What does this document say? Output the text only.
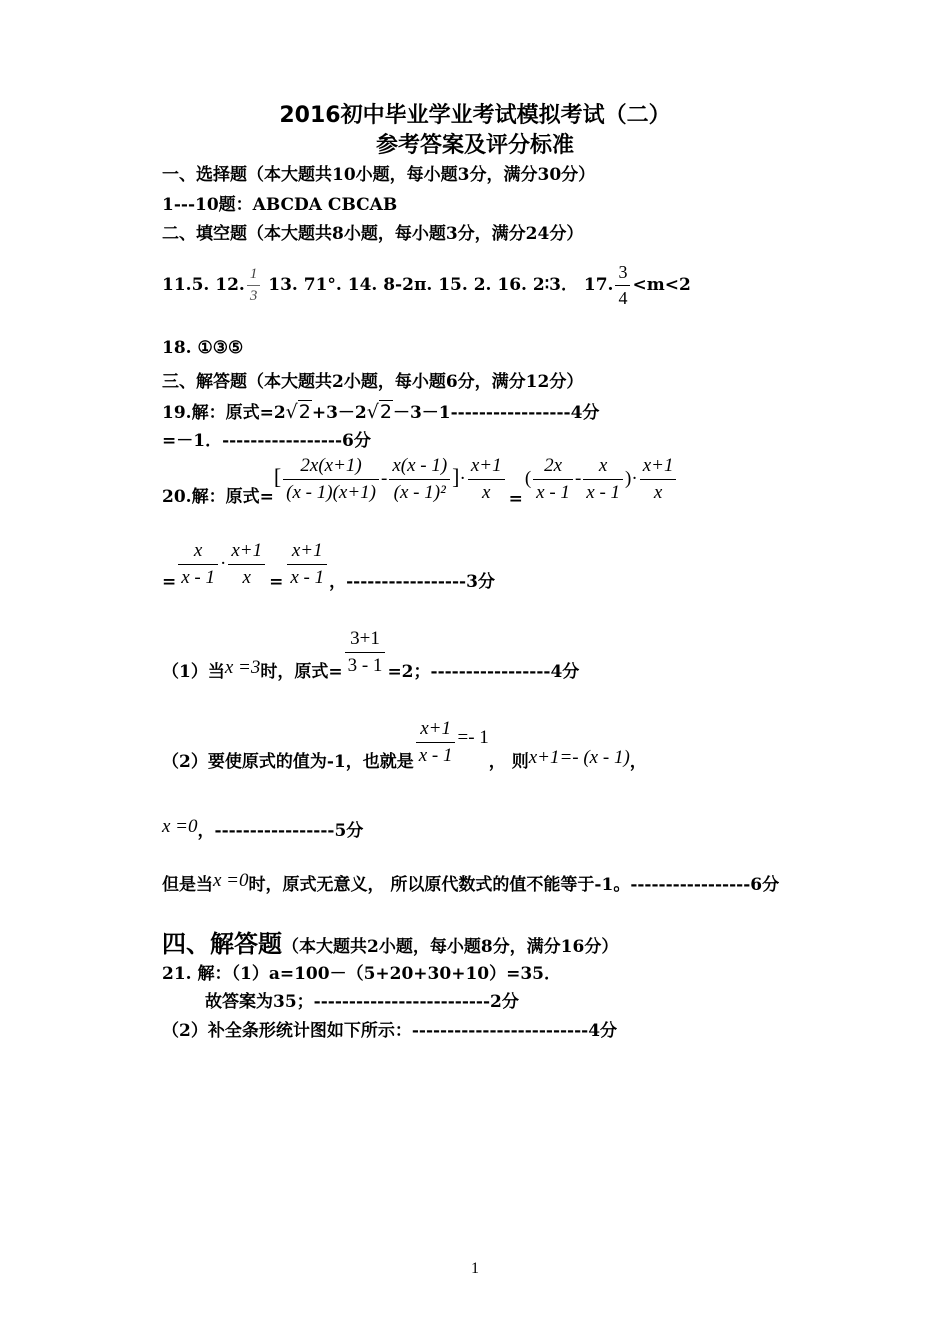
2016初中毕业学业考试模拟考试（二）
参考答案及评分标准
一、选择题（本大题共10小题，每小题3分，满分30分）
1---10题：ABCDA CBCAB
二、填空题（本大题共8小题，每小题3分，满分24分）
11.5. 12. $\frac{1}{3} 13$. 71°. 14. 8-2π. 15. 2. 16. 2∶3． 17. $\frac{3}{4} <m<2$
18. ①③⑤
三、解答题（本大题共2小题，每小题6分，满分12分）
19.解：原式=2√2+3－2√2－3－1-----------------4分
=－1．-----------------6分
20.解：原式=[ $\frac{2x(x+1)}{(x - 1)(x+1)} - \frac{x(x - 1)}{\text{(x - 1)²}}$ ]· $\frac{x+1}{x}$ =( $\frac{2x}{x - 1} - \frac{x}{x - 1}$ )· $\frac{x+1}{x}$
= $\frac{x}{x - 1} \cdot \frac{x+1}{x} = \frac{x+1}{x - 1}$ ，-----------------3分
（1）当x =3时，原式= $\frac{3+1}{3 - 1} =2$；-----------------4分
（2）要使原式的值为-1，也就是 $\frac{x+1}{x - 1} =- 1$， 则x+1=- (x - 1)，
x =0，-----------------5分
但是当x =0时，原式无意义， 所以原代数式的值不能等于-1。-----------------6分
四、解答题（本大题共2小题，每小题8分，满分16分）
21. 解：（1）a=100－（5+20+30+10）=35．
故答案为35；-------------------------2分
（2）补全条形统计图如下所示：-------------------------4分
1
